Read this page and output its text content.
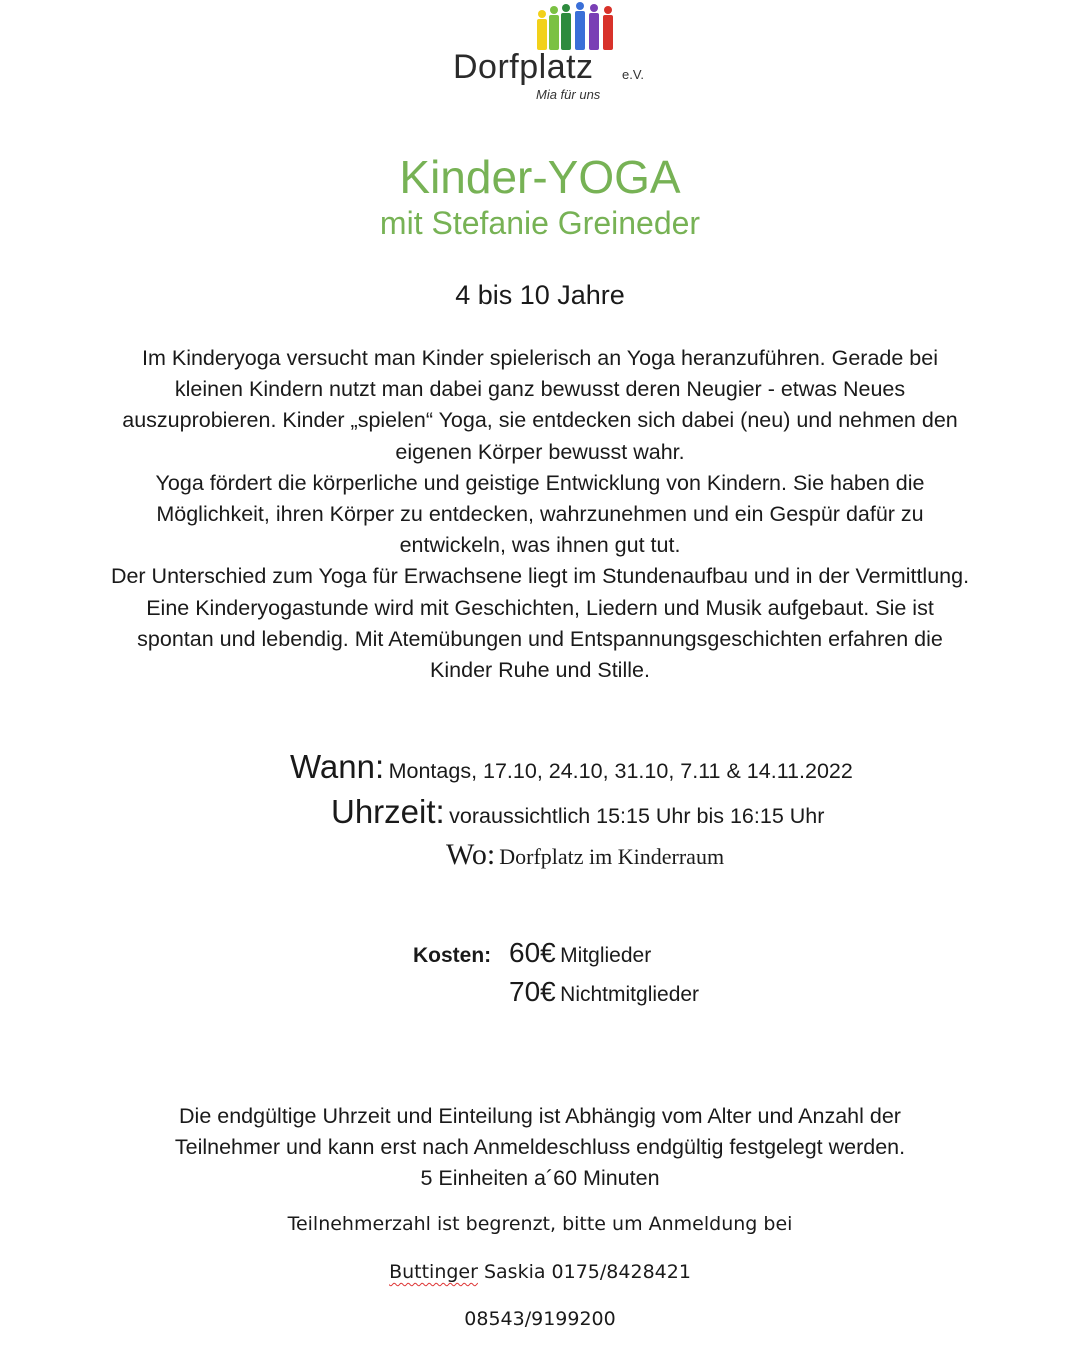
Dorfplatz e.V.
Mia für uns
Kinder-YOGA
mit Stefanie Greineder
4 bis 10 Jahre

Im Kinderyoga versucht man Kinder spielerisch an Yoga heranzuführen. Gerade bei kleinen Kindern nutzt man dabei ganz bewusst deren Neugier - etwas Neues auszuprobieren. Kinder „spielen“ Yoga, sie entdecken sich dabei (neu) und nehmen den eigenen Körper bewusst wahr.

Yoga fördert die körperliche und geistige Entwicklung von Kindern. Sie haben die Möglichkeit, ihren Körper zu entdecken, wahrzunehmen und ein Gespür dafür zu entwickeln, was ihnen gut tut.

Der Unterschied zum Yoga für Erwachsene liegt im Stundenaufbau und in der Vermittlung. Eine Kinderyogastunde wird mit Geschichten, Liedern und Musik aufgebaut. Sie ist spontan und lebendig. Mit Atemübungen und Entspannungsgeschichten erfahren die Kinder Ruhe und Stille.

Wann: Montags, 17.10, 24.10, 31.10, 7.11 & 14.11.2022
Uhrzeit: voraussichtlich 15:15 Uhr bis 16:15 Uhr
Wo: Dorfplatz im Kinderraum
Kosten: 60€ Mitglieder
70€ Nichtmitglieder

Die endgültige Uhrzeit und Einteilung ist Abhängig vom Alter und Anzahl der

Teilnehmer und kann erst nach Anmeldeschluss endgültig festgelegt werden.

5 Einheiten a´60 Minuten

Teilnehmerzahl ist begrenzt, bitte um Anmeldung bei
Buttinger Saskia 0175/8428421
08543/9199200
